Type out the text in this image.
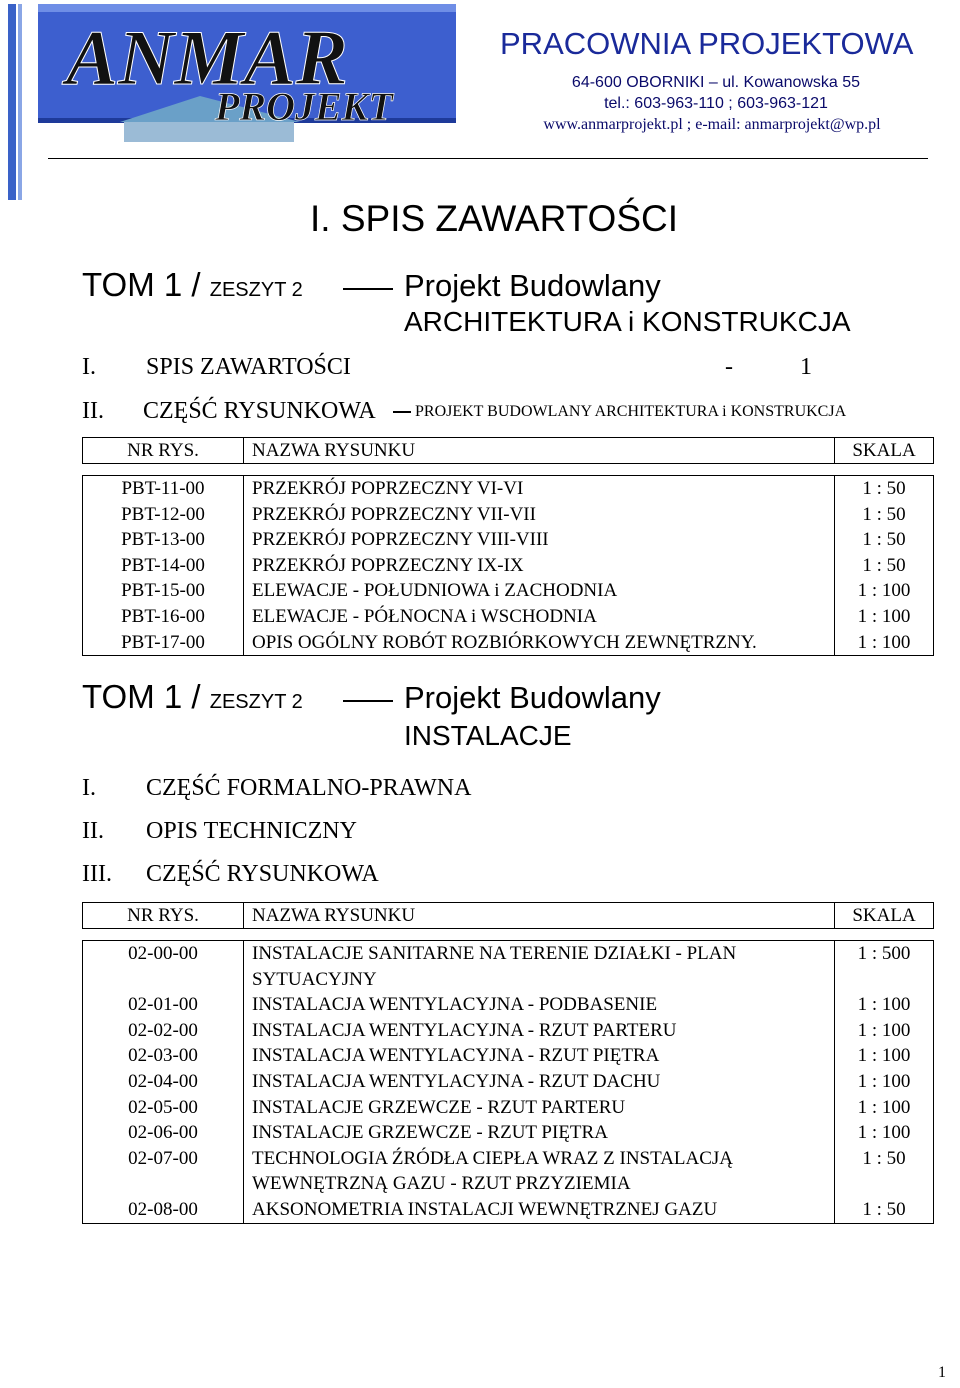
ANMAR
PROJEKT
PRACOWNIA PROJEKTOWA
64-600 OBORNIKI – ul. Kowanowska 55
tel.: 603-963-110 ; 603-963-121
www.anmarprojekt.pl ; e-mail: anmarprojekt@wp.pl
I. SPIS ZAWARTOŚCI
TOM 1 / ZESZYT 2	Projekt Budowlany
ARCHITEKTURA i KONSTRUKCJA
I. SPIS ZAWARTOŚCI	-	1
II. CZĘŚĆ RYSUNKOWA PROJEKT BUDOWLANY ARCHITEKTURA i KONSTRUKCJA
NR RYS.	NAZWA RYSUNKU	SKALA
PBT-11-00	PRZEKRÓJ POPRZECZNY VI-VI	1 : 50
PBT-12-00	PRZEKRÓJ POPRZECZNY VII-VII	1 : 50
PBT-13-00	PRZEKRÓJ POPRZECZNY VIII-VIII	1 : 50
PBT-14-00	PRZEKRÓJ POPRZECZNY IX-IX	1 : 50
PBT-15-00	ELEWACJE - POŁUDNIOWA i ZACHODNIA	1 : 100
PBT-16-00	ELEWACJE - PÓŁNOCNA i WSCHODNIA	1 : 100
PBT-17-00	OPIS OGÓLNY ROBÓT ROZBIÓRKOWYCH ZEWNĘTRZNY.	1 : 100
TOM 1 / ZESZYT 2	Projekt Budowlany
INSTALACJE
I. CZĘŚĆ FORMALNO-PRAWNA
II. OPIS TECHNICZNY
III. CZĘŚĆ RYSUNKOWA
NR RYS.	NAZWA RYSUNKU	SKALA
02-00-00	INSTALACJE SANITARNE NA TERENIE DZIAŁKI - PLAN SYTUACYJNY	1 : 500
02-01-00	INSTALACJA WENTYLACYJNA - PODBASENIE	1 : 100
02-02-00	INSTALACJA WENTYLACYJNA - RZUT PARTERU	1 : 100
02-03-00	INSTALACJA WENTYLACYJNA - RZUT PIĘTRA	1 : 100
02-04-00	INSTALACJA WENTYLACYJNA - RZUT DACHU	1 : 100
02-05-00	INSTALACJE GRZEWCZE - RZUT PARTERU	1 : 100
02-06-00	INSTALACJE GRZEWCZE - RZUT PIĘTRA	1 : 100
02-07-00	TECHNOLOGIA ŹRÓDŁA CIEPŁA WRAZ Z INSTALACJĄ WEWNĘTRZNĄ GAZU - RZUT PRZYZIEMIA	1 : 50
02-08-00	AKSONOMETRIA INSTALACJI WEWNĘTRZNEJ GAZU	1 : 50
1
